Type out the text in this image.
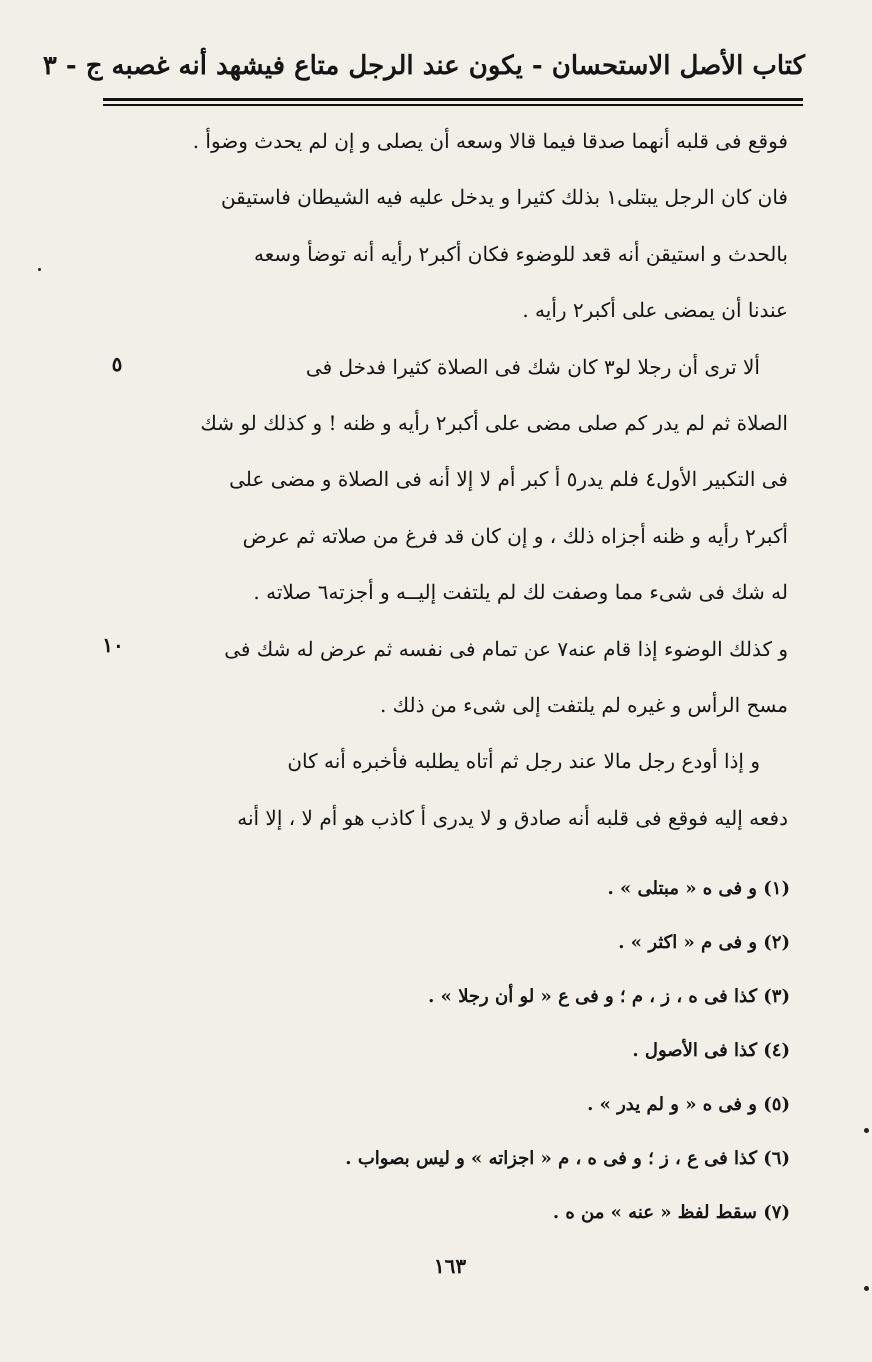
كتاب الأصل الاستحسان - يكون عند الرجل متاع فيشهد أنه غصبه ج - ٣
فوقع فى قلبه أنهما صدقا فيما قالا وسعه أن يصلى و إن لم يحدث وضوأ .
فان كان الرجل يبتلى١ بذلك كثيرا و يدخل عليه فيه الشيطان فاستيقن
بالحدث و استيقن أنه قعد للوضوء فكان أكبر٢ رأيه أنه توضأ وسعه
عندنا أن يمضى على أكبر٢ رأيه .
ألا ترى أن رجلا لو٣ كان شك فى الصلاة كثيرا فدخل فى
الصلاة ثم لم يدر كم صلى مضى على أكبر٢ رأيه و ظنه ! و كذلك لو شك
فى التكبير الأول٤ فلم يدر٥ أ كبر أم لا إلا أنه فى الصلاة و مضى على
أكبر٢ رأيه و ظنه أجزاه ذلك ، و إن كان قد فرغ من صلاته ثم عرض
له شك فى شىء مما وصفت لك لم يلتفت إليــه و أجزته٦ صلاته .
و كذلك الوضوء إذا قام عنه٧ عن تمام فى نفسه ثم عرض له شك فى
مسح الرأس و غيره لم يلتفت إلى شىء من ذلك .
و إذا أودع رجل مالا عند رجل ثم أتاه يطلبه فأخبره أنه كان
دفعه إليه فوقع فى قلبه أنه صادق و لا يدرى أ كاذب هو أم لا ، إلا أنه
٥
١٠
(١) و فى ه « مبتلى » .
(٢) و فى م « اكثر » .
(٣) كذا فى ه ، ز ، م ؛ و فى ع « لو أن رجلا » .
(٤) كذا فى الأصول .
(٥) و فى ه « و لم يدر » .
(٦) كذا فى ع ، ز ؛ و فى ه ، م « اجزاته » و ليس بصواب .
(٧) سقط لفظ « عنه » من ه .
١٦٣
